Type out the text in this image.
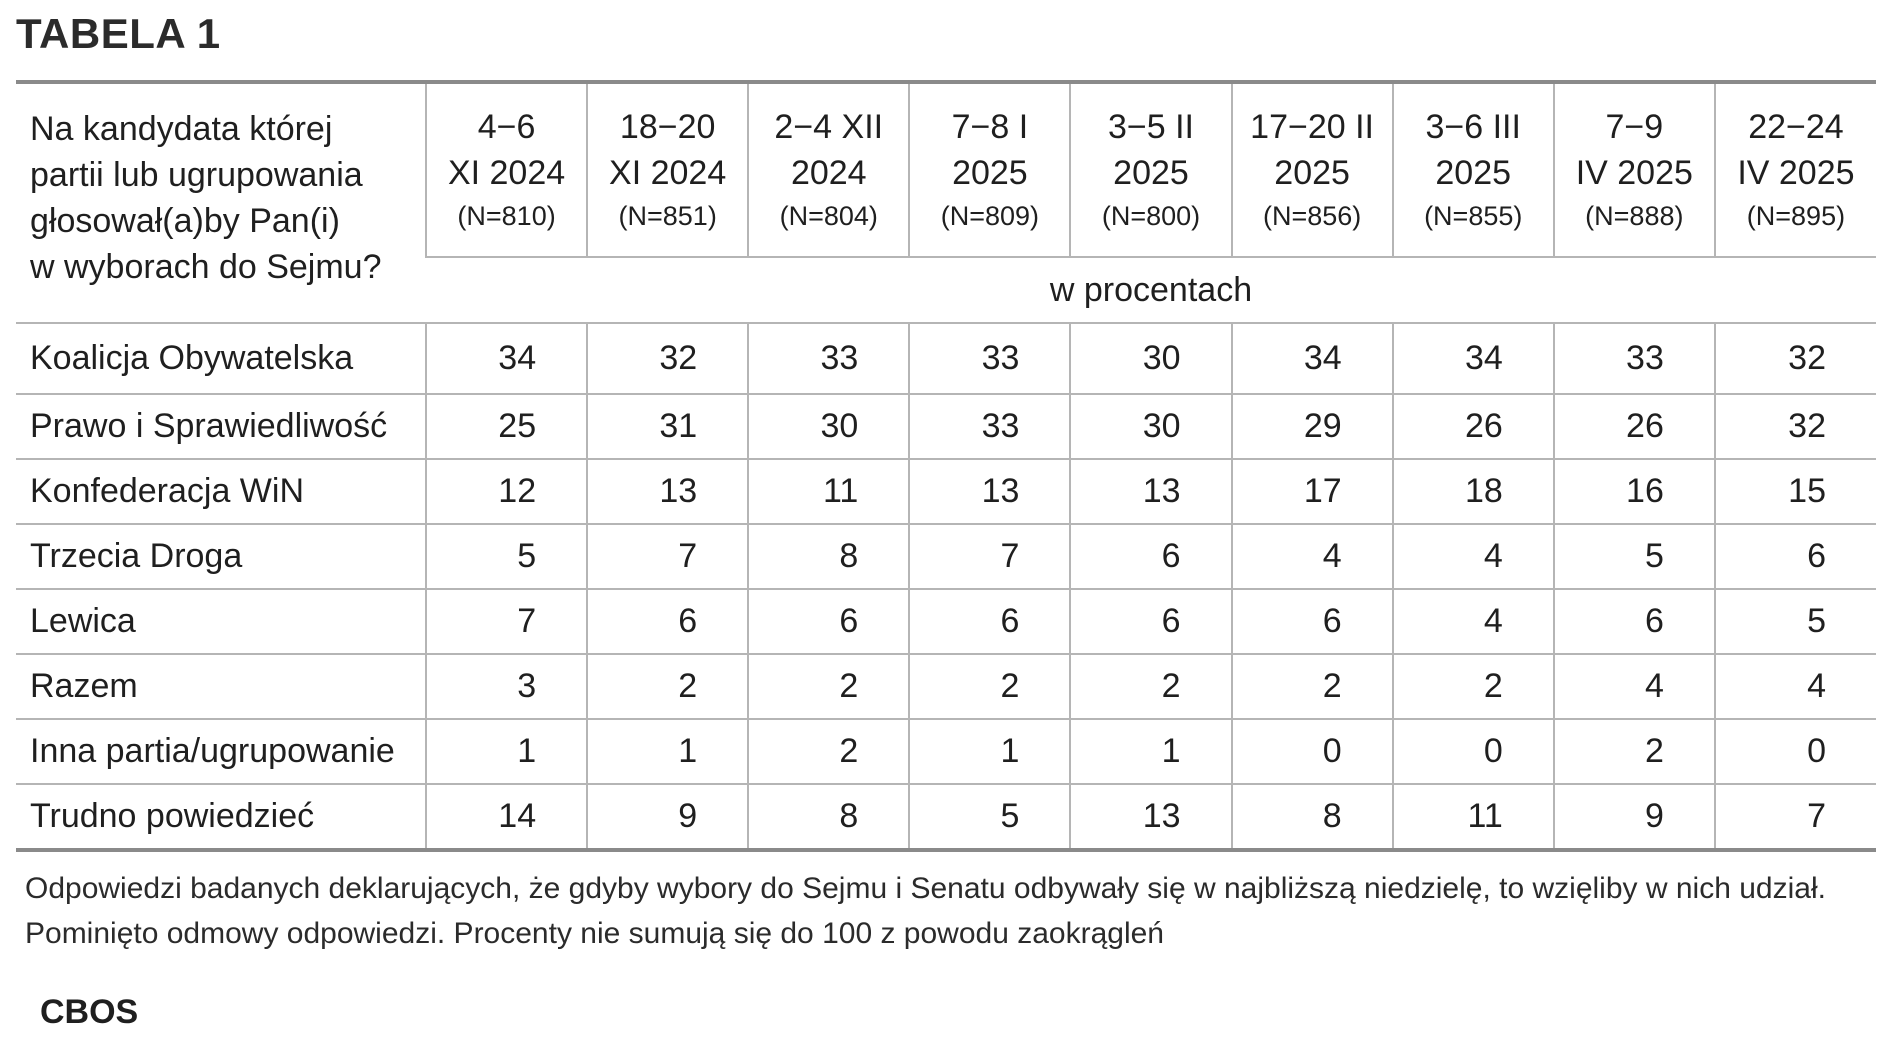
TABELA 1
Na kandydata której
partii lub ugrupowania
głosował(a)by Pan(i)
w wyborach do Sejmu?	4−6
XI 2024
(N=810)	18−20
XI 2024
(N=851)	2−4 XII
2024
(N=804)	7−8 I
2025
(N=809)	3−5 II
2025
(N=800)	17−20 II
2025
(N=856)	3−6 III
2025
(N=855)	7−9
IV 2025
(N=888)	22−24
IV 2025
(N=895)

	w procentach								
Koalicja Obywatelska	34	32	33	33	30	34	34	33	32
Prawo i Sprawiedliwość	25	31	30	33	30	29	26	26	32
Konfederacja WiN	12	13	11	13	13	17	18	16	15
Trzecia Droga	5	7	8	7	6	4	4	5	6
Lewica	7	6	6	6	6	6	4	6	5
Razem	3	2	2	2	2	2	2	4	4
Inna partia/ugrupowanie	1	1	2	1	1	0	0	2	0
Trudno powiedzieć	14	9	8	5	13	8	11	9	7
Odpowiedzi badanych deklarujących, że gdyby wybory do Sejmu i Senatu odbywały się w najbliższą niedzielę, to wzięliby w nich udział. Pominięto odmowy odpowiedzi. Procenty nie sumują się do 100 z powodu zaokrągleń
CBOS
